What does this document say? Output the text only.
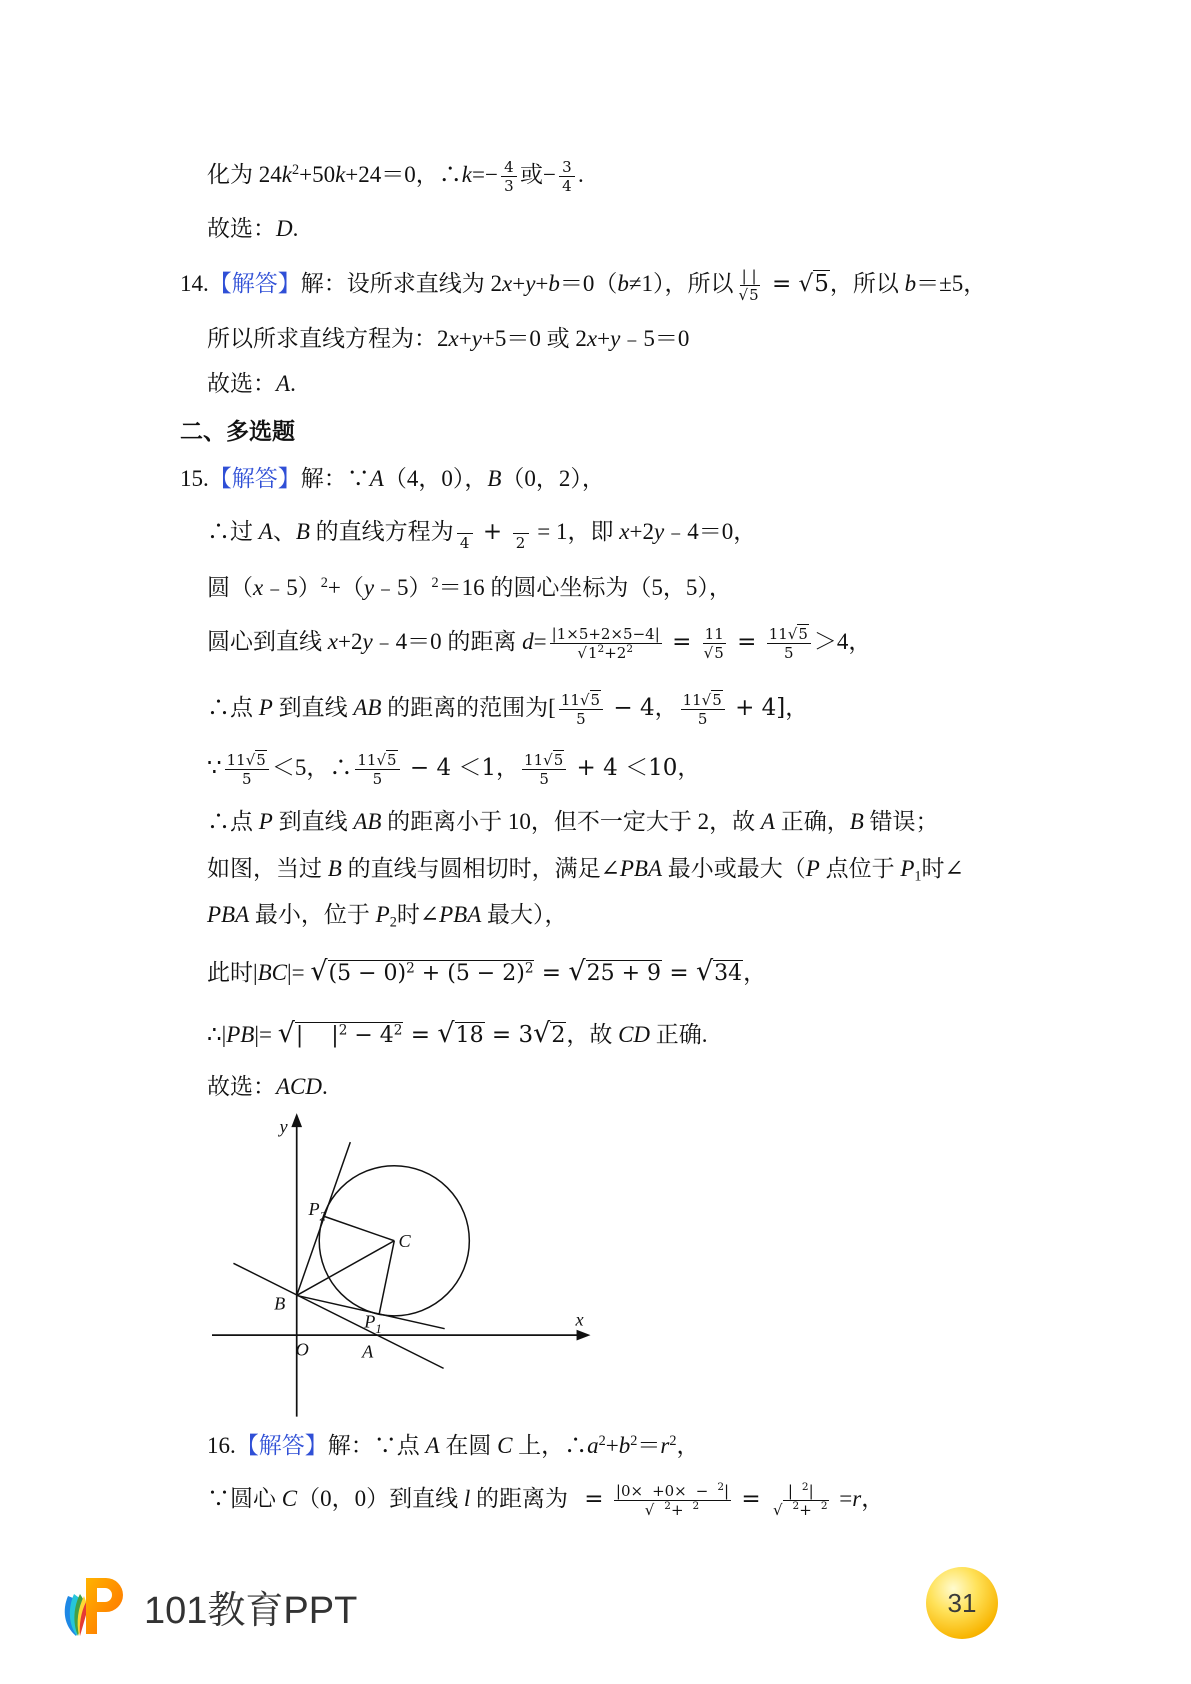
化为 $24k^2+50k+24=0$，∴k=− $\frac{4}{3}$ 或− $\frac{3}{4}$ .
故选：D.
14.【解答】解：设所求直线为 2x+y+b＝0（b≠1），所以 | |
√ 5 = √ 5，所以 b＝±5，
所以所求直线方程为：2x+y+5＝0 或 2x+y﹣5＝0
故选：A.
二、多选题
15.【解答】解：∵A（4，0），B（0，2），
∴过 A、B 的直线方程为 4 + 2 = 1，即 x+2y﹣4＝0，
圆（x﹣5）$^2$+（y﹣5）$^2$＝16 的圆心坐标为（5，5），
圆心到直线 x+2y﹣4＝0 的距离 d= |1×5+2×5−4|
√ $1^2+2^2 = 11$
√ $5 = \frac{11 √ 5}{5} >4$，
∴点 P 到直线 AB 的距离的范围为[ $\frac{11 √ 5}{5} - 4$， $\frac{11 √ 5}{5} + 4$]，
∵ $\frac{11 √ 5}{5} <5$，∴ $\frac{11 √ 5}{5} - 4 <1$， $\frac{11 √ 5}{5} + 4 <10$，
∴点 P 到直线 AB 的距离小于 10，但不一定大于 2，故 A 正确，B 错误；
如图，当过 B 的直线与圆相切时，满足∠PBA 最小或最大（P 点位于 $P_1$时∠
PBA 最小，位于 $P_2$时∠PBA 最大），
此时|BC|= √ $(5 - 0)^2 + (5 - 2)^2$ = √ 25 + 9 = √ 34，
∴|PB|= √ |    $|^2 - 4^2$ = √ 18 = 3 √ 2，故 CD 正确.
故选：ACD.
y
x
O	A
B
C
$P_2$
$P_1$
16.【解答】解：∵点 A 在圆 C 上，$\therefore a^2+b^2=r^2$，
∵圆心 C（0，0）到直线 l 的距离为 = |0× +0× − $^2$|
√ $^2$+ $^2$ = | $^2$|
√ $^2$+ $^2$ =r，
101教育PPT	31
